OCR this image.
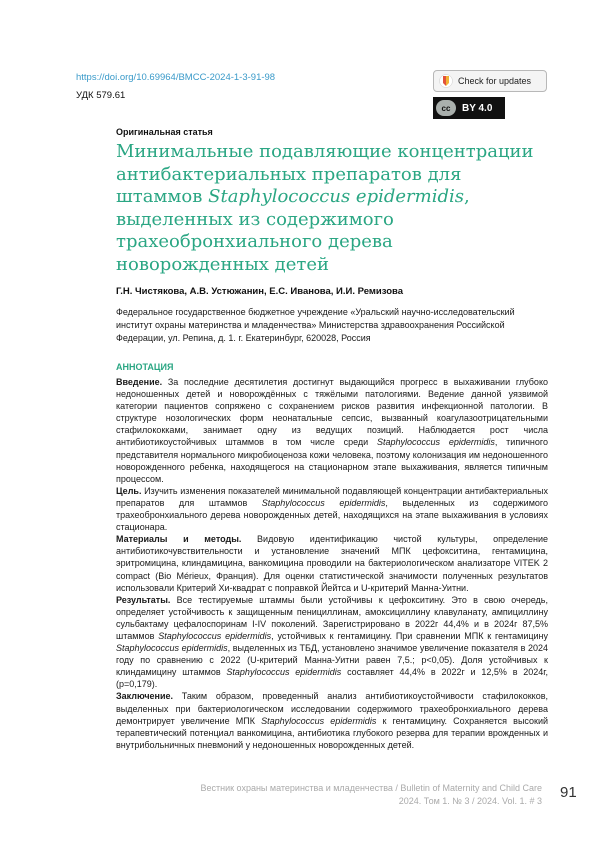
https://doi.org/10.69964/BMCC-2024-1-3-91-98
УДК 579.61
Check for updates
cc	BY 4.0
Оригинальная статья
Минимальные подавляющие концентрации антибактериальных препаратов для штаммов Staphylococcus epidermidis, выделенных из содержимого трахеобронхиального дерева новорожденных детей
Г.Н. Чистякова, А.В. Устюжанин, Е.С. Иванова, И.И. Ремизова
Федеральное государственное бюджетное учреждение «Уральский научно-исследовательский институт охраны материнства и младенчества» Министерства здравоохранения Российской Федерации, ул. Репина, д. 1. г. Екатеринбург, 620028, Россия
АННОТАЦИЯ

Введение. За последние десятилетия достигнут выдающийся прогресс в выхаживании глубоко недоношенных детей и новорождённых с тяжёлыми патологиями. Ведение данной уязвимой категории пациентов сопряжено с сохранением рисков развития инфекционной патологии. В структуре нозологических форм неонатальные сепсис, вызванный коагулазоотрицательными стафилококками, занимает одну из ведущих позиций. Наблюдается рост числа антибиотикоустойчивых штаммов в том числе среди Staphylococcus epidermidis, типичного представителя нормального микробиоценоза кожи человека, поэтому колонизация им недоношенного новорожденного ребенка, находящегося на стационарном этапе выхаживания, является типичным процессом.

Цель. Изучить изменения показателей минимальной подавляющей концентрации антибактериальных препаратов для штаммов Staphylococcus epidermidis, выделенных из содержимого трахеобронхиального дерева новорожденных детей, находящихся на этапе выхаживания в условиях стационара.

Материалы и методы. Видовую идентификацию чистой культуры, определение антибиотикочувствительности и установление значений МПК цефокситина, гентамицина, эритромицина, клиндамицина, ванкомицина проводили на бактериологическом анализаторе VITEK 2 compact (Bio Mérieux, Франция). Для оценки статистической значимости полученных результатов использовали Критерий Хи-квадрат с поправкой Йейтса и U-критерий Манна-Уитни.

Результаты. Все тестируемые штаммы были устойчивы к цефокситину. Это в свою очередь, определяет устойчивость к защищенным пенициллинам, амоксициллину клавуланату, ампициллину сульбактаму цефалоспоринам I-IV поколений. Зарегистрировано в 2022г 44,4% и в 2024г 87,5% штаммов Staphylococcus epidermidis, устойчивых к гентамицину. При сравнении МПК к гентамицину Staphylococcus epidermidis, выделенных из ТБД, установлено значимое увеличение показателя в 2024 году по сравнению с 2022 (U-критерий Манна-Уитни равен 7,5.; p<0,05). Доля устойчивых к клиндамицину штаммов Staphylococcus epidermidis составляет 44,4% в 2022г и 12,5% в 2024г, (p=0,179).

Заключение. Таким образом, проведенный анализ антибиотикоустойчивости стафилококков, выделенных при бактериологическом исследовании содержимого трахеобронхиального дерева демонтрирует увеличение МПК Staphylococcus epidermidis к гентамицину. Сохраняется высокий терапевтический потенциал ванкомицина, антибиотика глубокого резерва для терапии врожденных и внутрибольничных пневмоний у недоношенных новорожденных детей.

Вестник охраны материнства и младенчества / Bulletin of Maternity and Child Care
2024. Том 1. № 3 / 2024. Vol. 1. # 3 91
